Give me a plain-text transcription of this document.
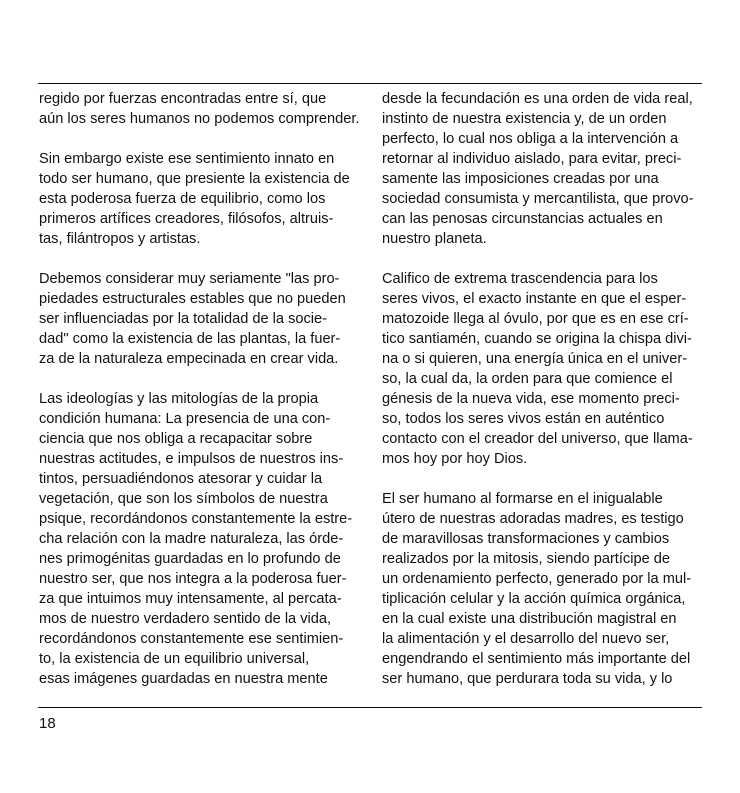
regido por fuerzas encontradas entre sí, que
aún los seres humanos no podemos comprender.
Sin embargo existe ese sentimiento innato en
todo ser humano, que presiente la existencia de
esta poderosa fuerza de equilibrio, como los
primeros artífices creadores, filósofos, altruis-
tas, filántropos y artistas.
Debemos considerar muy seriamente "las pro-
piedades estructurales estables que no pueden
ser influenciadas por la totalidad de la socie-
dad" como la existencia de las plantas, la fuer-
za de la naturaleza empecinada en crear vida.
Las ideologías y las mitologías de la propia
condición humana: La presencia de una con-
ciencia que nos obliga a recapacitar sobre
nuestras actitudes, e impulsos de nuestros ins-
tintos, persuadiéndonos atesorar y cuidar la
vegetación, que son los símbolos de nuestra
psique, recordándonos constantemente la estre-
cha relación con la madre naturaleza, las órde-
nes primogénitas guardadas en lo profundo de
nuestro ser, que nos integra a la poderosa fuer-
za que intuimos muy intensamente, al percata-
mos de nuestro verdadero sentido de la vida,
recordándonos constantemente ese sentimien-
to, la existencia de un equilibrio universal,
esas imágenes guardadas en nuestra mente
desde la fecundación es una orden de vida real,
instinto de nuestra existencia y, de un orden
perfecto, lo cual nos obliga a la intervención a
retornar al individuo aislado, para evitar, preci-
samente las imposiciones creadas por una
sociedad consumista y mercantilista, que provo-
can las penosas circunstancias actuales en
nuestro planeta.
Califico de extrema trascendencia para los
seres vivos, el exacto instante en que el esper-
matozoide llega al óvulo, por que es en ese crí-
tico santiamén, cuando se origina la chispa divi-
na o si quieren, una energía única en el univer-
so, la cual da, la orden para que comience el
génesis de la nueva vida, ese momento preci-
so, todos los seres vivos están en auténtico
contacto con el creador del universo, que llama-
mos hoy por hoy Dios.
El ser humano al formarse en el inigualable
útero de nuestras adoradas madres, es testigo
de maravillosas transformaciones y cambios
realizados por la mitosis, siendo partícipe de
un ordenamiento perfecto, generado por la mul-
tiplicación celular y la acción química orgánica,
en la cual existe una distribución magistral en
la alimentación y el desarrollo del nuevo ser,
engendrando el sentimiento más importante del
ser humano, que perdurara toda su vida, y lo
18
